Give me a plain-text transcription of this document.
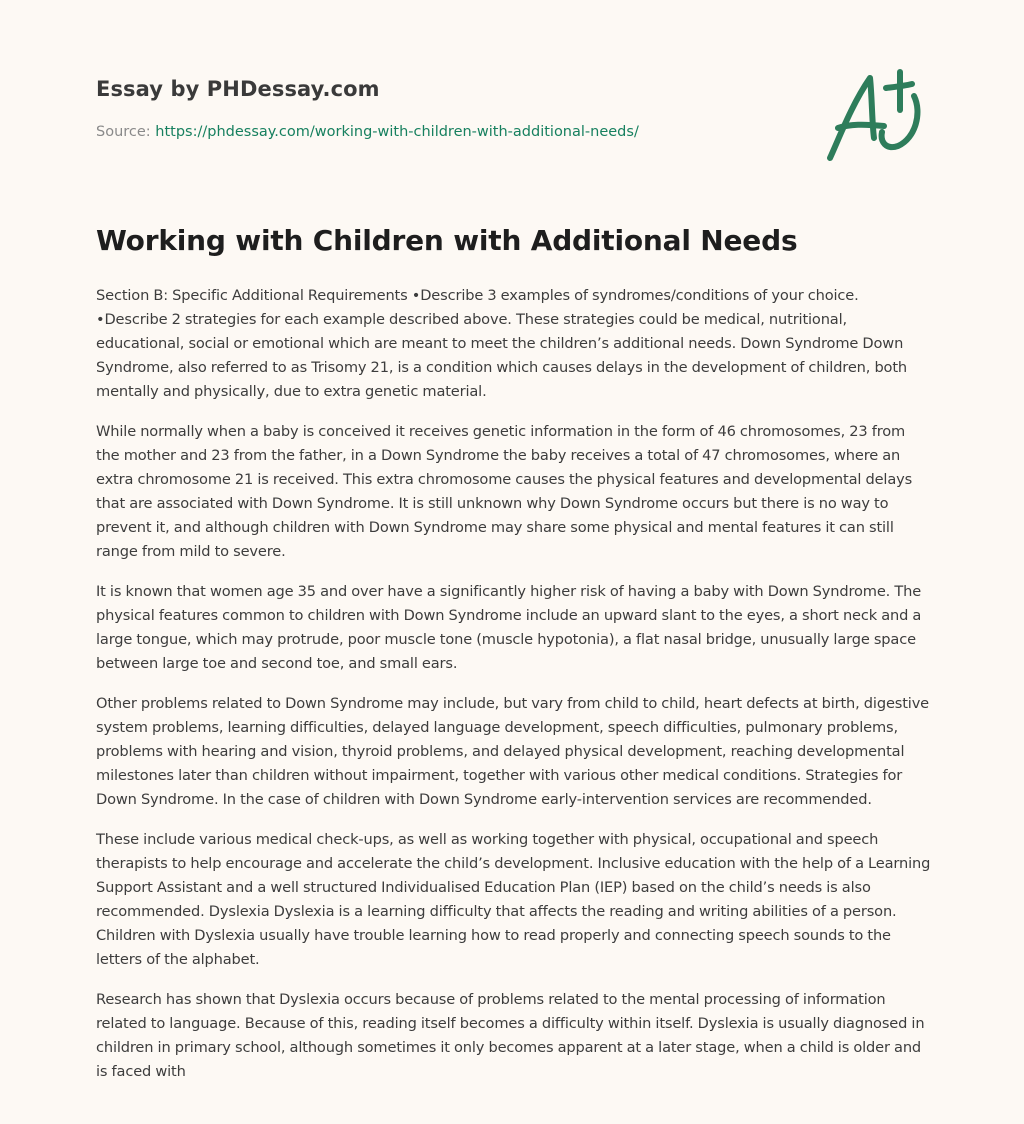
Essay by PHDessay.com
Source: https://phdessay.com/working-with-children-with-additional-needs/
Working with Children with Additional Needs

Section B: Specific Additional Requirements •Describe 3 examples of syndromes/conditions of your choice. •Describe 2 strategies for each example described above. These strategies could be medical, nutritional, educational, social or emotional which are meant to meet the children’s additional needs. Down Syndrome Down Syndrome, also referred to as Trisomy 21, is a condition which causes delays in the development of children, both mentally and physically, due to extra genetic material.

While normally when a baby is conceived it receives genetic information in the form of 46 chromosomes, 23 from the mother and 23 from the father, in a Down Syndrome the baby receives a total of 47 chromosomes, where an extra chromosome 21 is received. This extra chromosome causes the physical features and developmental delays that are associated with Down Syndrome. It is still unknown why Down Syndrome occurs but there is no way to prevent it, and although children with Down Syndrome may share some physical and mental features it can still range from mild to severe.

It is known that women age 35 and over have a significantly higher risk of having a baby with Down Syndrome. The physical features common to children with Down Syndrome include an upward slant to the eyes, a short neck and a large tongue, which may protrude, poor muscle tone (muscle hypotonia), a flat nasal bridge, unusually large space between large toe and second toe, and small ears.

Other problems related to Down Syndrome may include, but vary from child to child, heart defects at birth, digestive system problems, learning difficulties, delayed language development, speech difficulties, pulmonary problems, problems with hearing and vision, thyroid problems, and delayed physical development, reaching developmental milestones later than children without impairment, together with various other medical conditions. Strategies for Down Syndrome. In the case of children with Down Syndrome early-intervention services are recommended.

These include various medical check-ups, as well as working together with physical, occupational and speech therapists to help encourage and accelerate the child’s development. Inclusive education with the help of a Learning Support Assistant and a well structured Individualised Education Plan (IEP) based on the child’s needs is also recommended. Dyslexia Dyslexia is a learning difficulty that affects the reading and writing abilities of a person. Children with Dyslexia usually have trouble learning how to read properly and connecting speech sounds to the letters of the alphabet.

Research has shown that Dyslexia occurs because of problems related to the mental processing of information related to language. Because of this, reading itself becomes a difficulty within itself. Dyslexia is usually diagnosed in children in primary school, although sometimes it only becomes apparent at a later stage, when a child is older and is faced with
